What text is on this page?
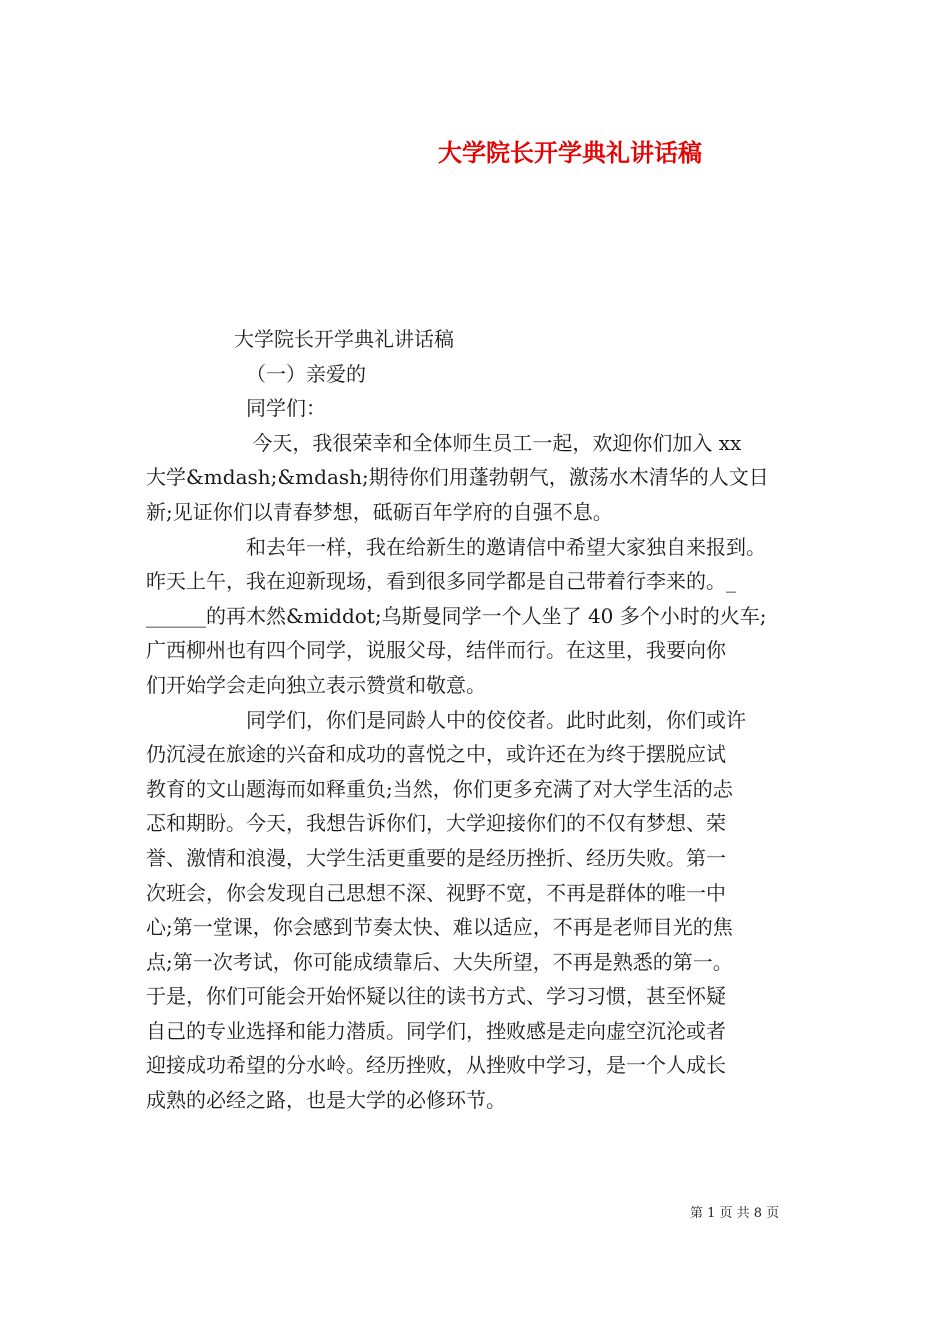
大学院长开学典礼讲话稿
大学院长开学典礼讲话稿
（一）亲爱的
同学们：
今天，我很荣幸和全体师生员工一起，欢迎你们加入 xx
大学&mdash;&mdash;期待你们用蓬勃朝气，激荡水木清华的人文日
新;见证你们以青春梦想，砥砺百年学府的自强不息。
和去年一样，我在给新生的邀请信中希望大家独自来报到。
昨天上午，我在迎新现场，看到很多同学都是自己带着行李来的。_
______的再木然&middot;乌斯曼同学一个人坐了 40 多个小时的火车;
广西柳州也有四个同学，说服父母，结伴而行。在这里，我要向你
们开始学会走向独立表示赞赏和敬意。
同学们，你们是同龄人中的佼佼者。此时此刻，你们或许
仍沉浸在旅途的兴奋和成功的喜悦之中，或许还在为终于摆脱应试
教育的文山题海而如释重负;当然，你们更多充满了对大学生活的忐
忑和期盼。今天，我想告诉你们，大学迎接你们的不仅有梦想、荣
誉、激情和浪漫，大学生活更重要的是经历挫折、经历失败。第一
次班会，你会发现自己思想不深、视野不宽，不再是群体的唯一中
心;第一堂课，你会感到节奏太快、难以适应，不再是老师目光的焦
点;第一次考试，你可能成绩靠后、大失所望，不再是熟悉的第一。
于是，你们可能会开始怀疑以往的读书方式、学习习惯，甚至怀疑
自己的专业选择和能力潜质。同学们，挫败感是走向虚空沉沦或者
迎接成功希望的分水岭。经历挫败，从挫败中学习，是一个人成长
成熟的必经之路，也是大学的必修环节。
第 1 页 共 8 页
